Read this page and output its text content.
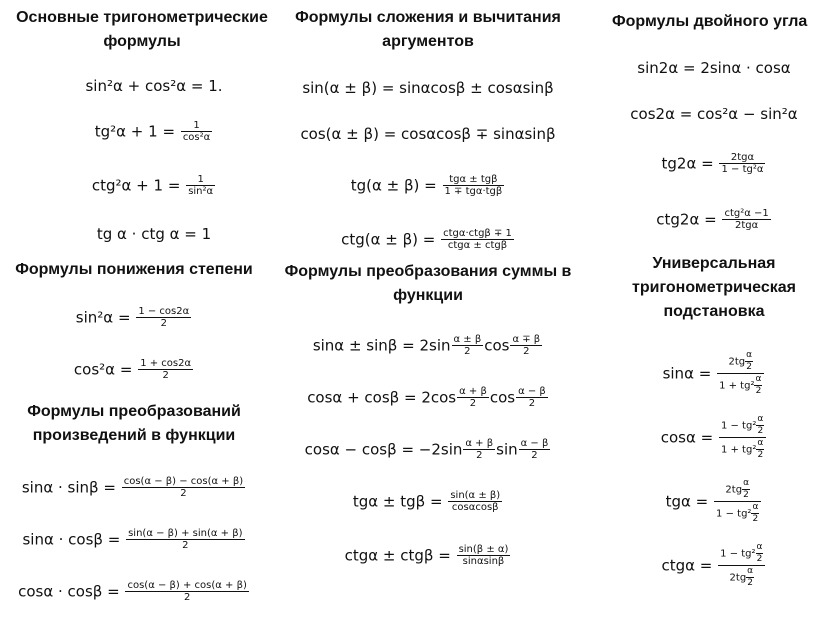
Основные тригонометрические формулы
sin²α + cos²α = 1.
$tg^2\alpha + 1 = \frac{1}{\text{cos²α}}$
$ctg^2\alpha + 1 = \frac{1}{\text{sin²α}}$
tg α · ctg α = 1
Формулы понижения степени
$\sin^2\alpha = \frac{1 - \cos 2\alpha}{2}$
$\cos^2\alpha = \frac{1 + \cos 2\alpha}{2}$
Формулы преобразований произведений в функции
$\sin\alpha \cdot \sin\beta = \frac{\cos(\alpha - \beta) - \cos(\alpha + \beta)}{2}$
$\sin\alpha \cdot \cos\beta = \frac{\sin(\alpha - \beta) + \sin(\alpha + \beta)}{2}$
$\cos\alpha \cdot \cos\beta = \frac{\cos(\alpha - \beta) + \cos(\alpha + \beta)}{2}$
Формулы сложения и вычитания аргументов
sin(α ± β) = sinαcosβ ± cosαsinβ
cos(α ± β) = cosαcosβ ∓ sinαsinβ
tg(α ± β) =	tgα ± tgβ
1 ∓ tgα·tgβ
ctg(α ± β) = ctgα·ctgβ ∓ 1
ctgα ± ctgβ
Формулы преобразования суммы в функции
$\sin\alpha \pm \sin\beta = 2\sin \frac{\alpha \pm \beta}{2}$ $\cos \frac{\alpha \mp \beta}{2}$
$\cos\alpha + \cos\beta = 2\cos \frac{\alpha + \beta}{2}$ $\cos \frac{\alpha - \beta}{2}$
$\cos\alpha - \cos\beta = -2\sin \frac{\alpha + \beta}{2}$ $\sin \frac{\alpha - \beta}{2}$
$tg\alpha \pm tg\beta = \frac{\sin(\alpha \pm \beta)}{\cos\alpha\cos\beta}$
$ctg\alpha \pm ctg\beta = \frac{\sin(\beta \pm \alpha)}{\sin\alpha\sin\beta}$
Формулы двойного угла
sin2α = 2sinα · cosα
cos2α = cos²α − sin²α
tg2α =	2tgα
1 − tg²α
ctg2α = ctg²α −1
2tgα
Универсальная тригонометрическая подстановка
sinα =
$2tg \frac{\alpha}{2}$
$1 + tg^2 \frac{\alpha}{2}$
$\cos\alpha = \frac{1 - tg^2 \frac{\alpha}{2}}{1 + tg^2 \frac{\alpha}{2}}$
tgα =
$2tg \frac{\alpha}{2}$
$1 - tg^2 \frac{\alpha}{2}$
ctgα =
$1 - tg^2 \frac{\alpha}{2}$
$2tg \frac{\alpha}{2}$
